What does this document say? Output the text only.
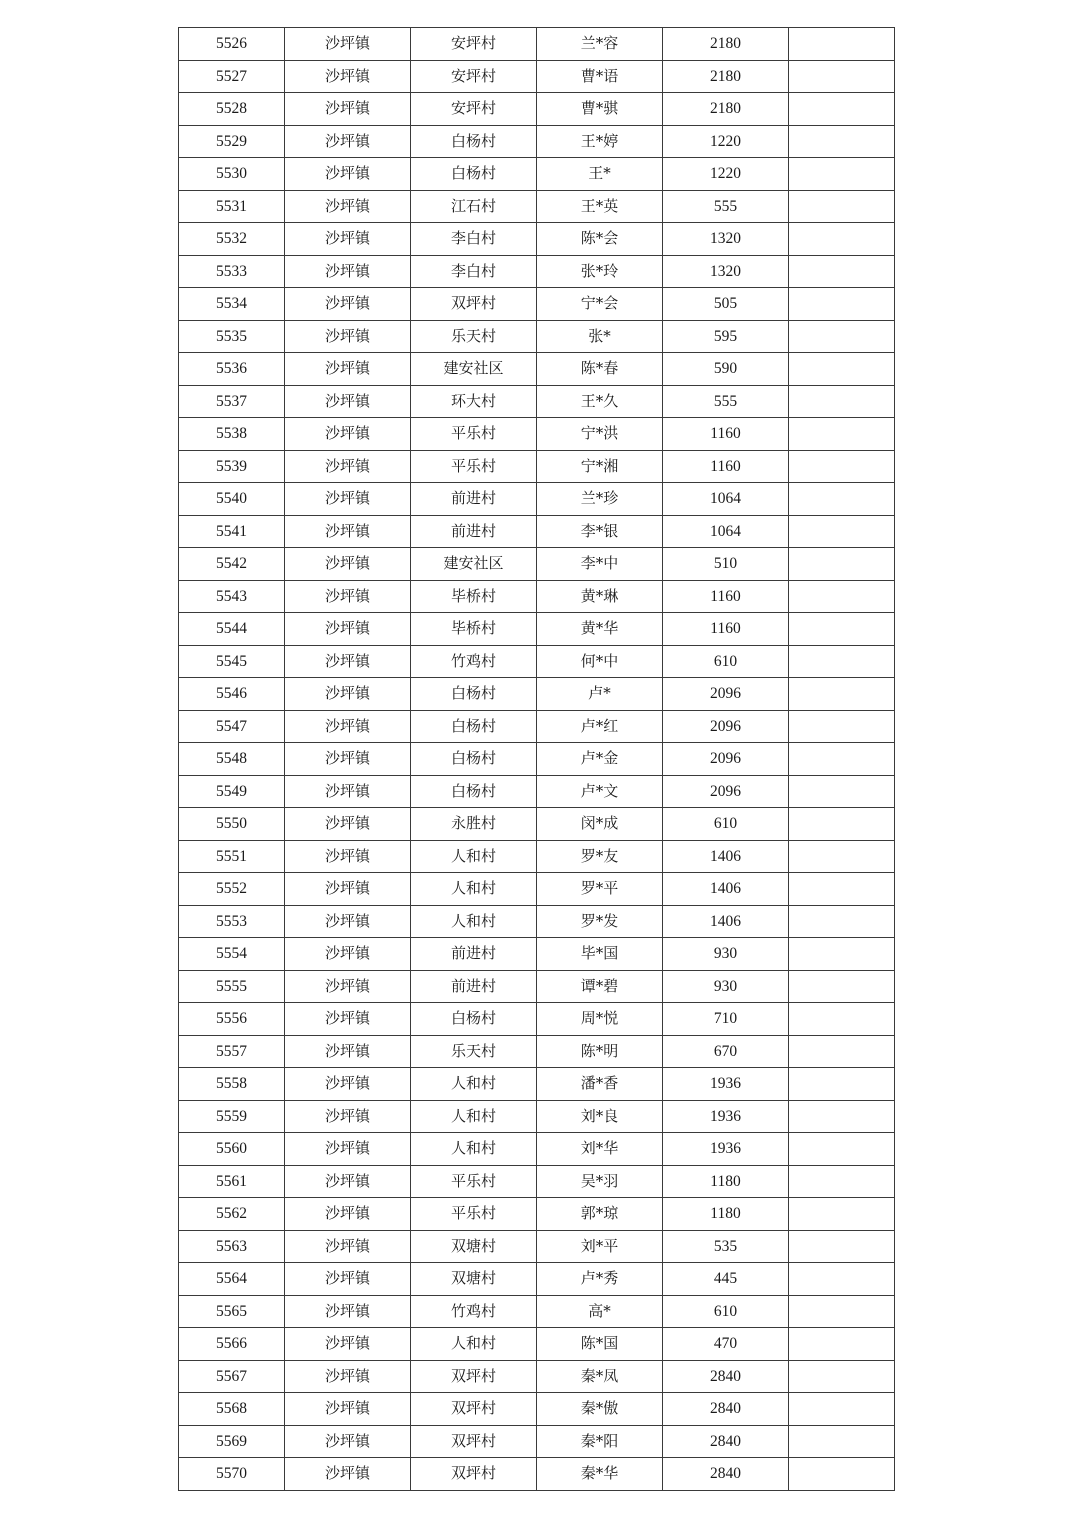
5526	沙坪镇	安坪村	兰*容	2180	
5527	沙坪镇	安坪村	曹*语	2180	
5528	沙坪镇	安坪村	曹*骐	2180	
5529	沙坪镇	白杨村	王*婷	1220	
5530	沙坪镇	白杨村	王*	1220	
5531	沙坪镇	江石村	王*英	555	
5532	沙坪镇	李白村	陈*会	1320	
5533	沙坪镇	李白村	张*玲	1320	
5534	沙坪镇	双坪村	宁*会	505	
5535	沙坪镇	乐天村	张*	595	
5536	沙坪镇	建安社区	陈*春	590	
5537	沙坪镇	环大村	王*久	555	
5538	沙坪镇	平乐村	宁*洪	1160	
5539	沙坪镇	平乐村	宁*湘	1160	
5540	沙坪镇	前进村	兰*珍	1064	
5541	沙坪镇	前进村	李*银	1064	
5542	沙坪镇	建安社区	李*中	510	
5543	沙坪镇	毕桥村	黄*琳	1160	
5544	沙坪镇	毕桥村	黄*华	1160	
5545	沙坪镇	竹鸡村	何*中	610	
5546	沙坪镇	白杨村	卢*	2096	
5547	沙坪镇	白杨村	卢*红	2096	
5548	沙坪镇	白杨村	卢*金	2096	
5549	沙坪镇	白杨村	卢*文	2096	
5550	沙坪镇	永胜村	闵*成	610	
5551	沙坪镇	人和村	罗*友	1406	
5552	沙坪镇	人和村	罗*平	1406	
5553	沙坪镇	人和村	罗*发	1406	
5554	沙坪镇	前进村	毕*国	930	
5555	沙坪镇	前进村	谭*碧	930	
5556	沙坪镇	白杨村	周*悦	710	
5557	沙坪镇	乐天村	陈*明	670	
5558	沙坪镇	人和村	潘*香	1936	
5559	沙坪镇	人和村	刘*良	1936	
5560	沙坪镇	人和村	刘*华	1936	
5561	沙坪镇	平乐村	吴*羽	1180	
5562	沙坪镇	平乐村	郭*琼	1180	
5563	沙坪镇	双塘村	刘*平	535	
5564	沙坪镇	双塘村	卢*秀	445	
5565	沙坪镇	竹鸡村	高*	610	
5566	沙坪镇	人和村	陈*国	470	
5567	沙坪镇	双坪村	秦*凤	2840	
5568	沙坪镇	双坪村	秦*傲	2840	
5569	沙坪镇	双坪村	秦*阳	2840	
5570	沙坪镇	双坪村	秦*华	2840	
